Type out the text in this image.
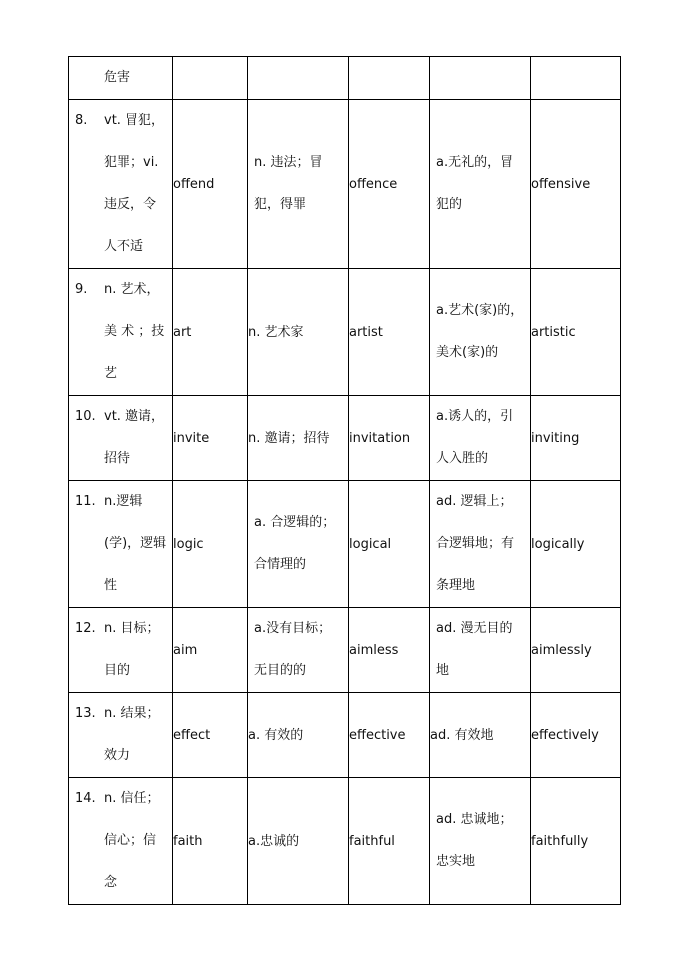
危害					

8. vt. 冒犯，犯罪；vi. 违反，令人不适	offend	n. 违法；冒犯，得罪	offence	a.无礼的，冒犯的	offensive

9. n. 艺术，美 术 ；技艺	art	n. 艺术家	artist	a.艺术(家)的，美术(家)的	artistic

10. vt. 邀请，招待	invite	n. 邀请；招待	invitation	a.诱人的，引人入胜的	inviting

11. n.逻辑(学)，逻辑性	logic	a. 合逻辑的；合情理的	logical	ad. 逻辑上；合逻辑地；有条理地	logically

12. n. 目标；目的	aim	a.没有目标；无目的的	aimless	ad. 漫无目的地	aimlessly

13. n. 结果；效力	effect	a. 有效的	effective	ad. 有效地	effectively

14. n. 信任；信心；信念	faith	a.忠诚的	faithful	ad. 忠诚地；忠实地	faithfully
